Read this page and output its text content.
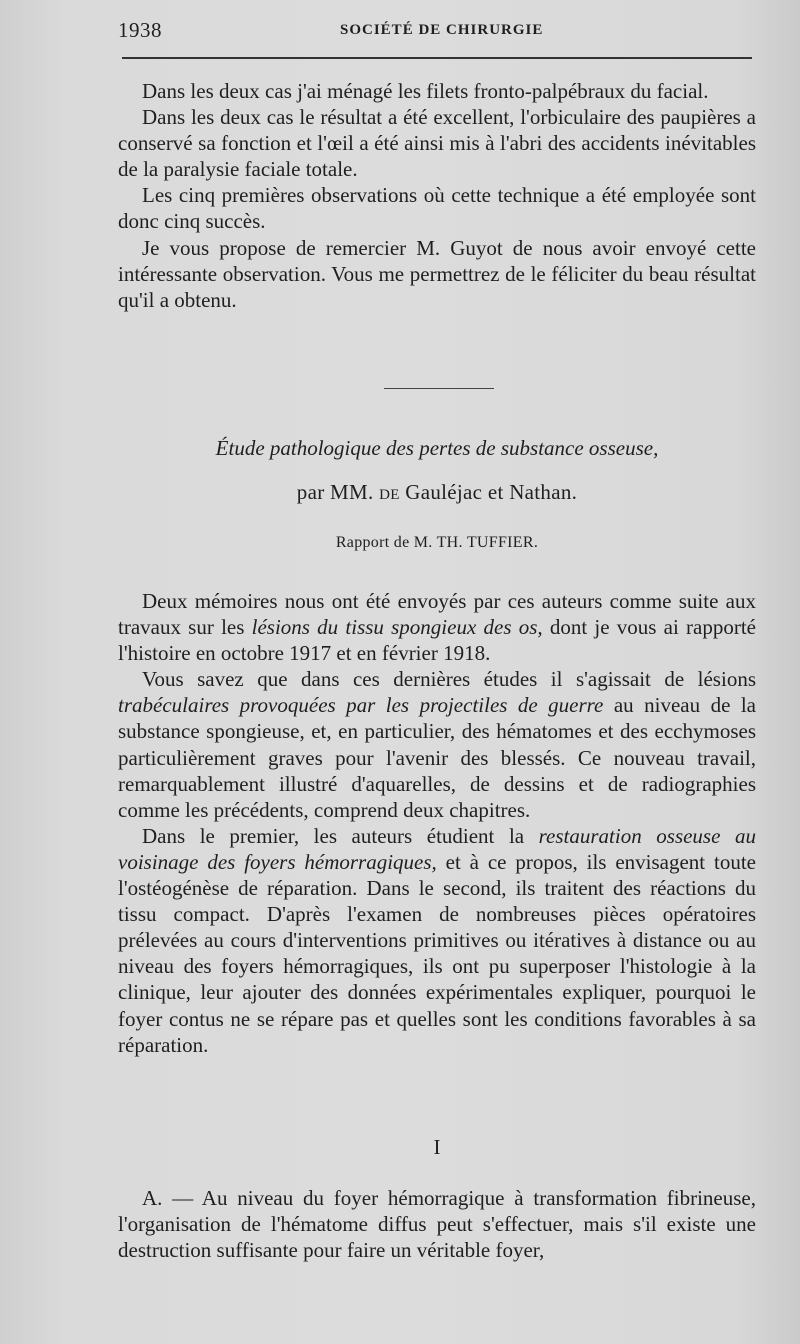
1938	SOCIÉTÉ DE CHIRURGIE

Dans les deux cas j'ai ménagé les filets fronto-palpébraux du facial.

Dans les deux cas le résultat a été excellent, l'orbiculaire des paupières a conservé sa fonction et l'œil a été ainsi mis à l'abri des accidents inévitables de la paralysie faciale totale.

Les cinq premières observations où cette technique a été employée sont donc cinq succès.

Je vous propose de remercier M. Guyot de nous avoir envoyé cette intéressante observation. Vous me permettrez de le féliciter du beau résultat qu'il a obtenu.

Étude pathologique des pertes de substance osseuse,
par MM. DE Gauléjac et Nathan.
Rapport de M. TH. TUFFIER.

Deux mémoires nous ont été envoyés par ces auteurs comme suite aux travaux sur les lésions du tissu spongieux des os, dont je vous ai rapporté l'histoire en octobre 1917 et en février 1918.

Vous savez que dans ces dernières études il s'agissait de lésions trabéculaires provoquées par les projectiles de guerre au niveau de la substance spongieuse, et, en particulier, des hématomes et des ecchymoses particulièrement graves pour l'avenir des blessés. Ce nouveau travail, remarquablement illustré d'aquarelles, de dessins et de radiographies comme les précédents, comprend deux chapitres.

Dans le premier, les auteurs étudient la restauration osseuse au voisinage des foyers hémorragiques, et à ce propos, ils envisagent toute l'ostéogénèse de réparation. Dans le second, ils traitent des réactions du tissu compact. D'après l'examen de nombreuses pièces opératoires prélevées au cours d'interventions primitives ou itératives à distance ou au niveau des foyers hémorragiques, ils ont pu superposer l'histologie à la clinique, leur ajouter des données expérimentales expliquer, pourquoi le foyer contus ne se répare pas et quelles sont les conditions favorables à sa réparation.

I

A. — Au niveau du foyer hémorragique à transformation fibrineuse, l'organisation de l'hématome diffus peut s'effectuer, mais s'il existe une destruction suffisante pour faire un véritable foyer,
